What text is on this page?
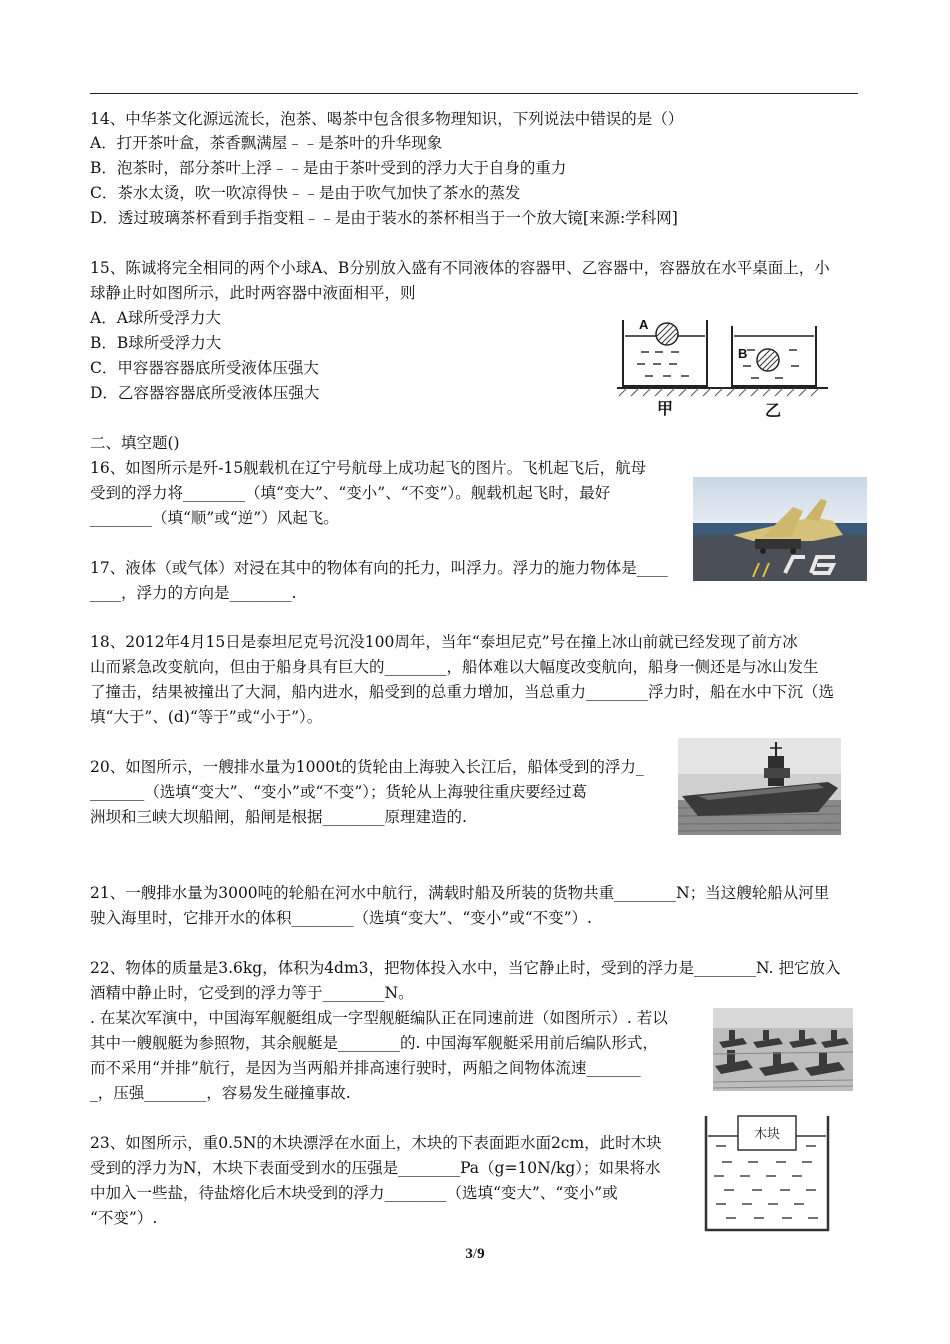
14、中华茶文化源远流长，泡茶、喝茶中包含很多物理知识，下列说法中错误的是（）
A．打开茶叶盒，茶香飘满屋﹣﹣是茶叶的升华现象
B．泡茶时，部分茶叶上浮﹣﹣是由于茶叶受到的浮力大于自身的重力
C．茶水太烫，吹一吹凉得快﹣﹣是由于吹气加快了茶水的蒸发
D．透过玻璃茶杯看到手指变粗﹣﹣是由于装水的茶杯相当于一个放大镜[来源:学科网]
15、陈诚将完全相同的两个小球A、B分别放入盛有不同液体的容器甲、乙容器中，容器放在水平桌面上，小
球静止时如图所示，此时两容器中液面相平，则
A．A球所受浮力大
B．B球所受浮力大
C．甲容器容器底所受液体压强大
D．乙容器容器底所受液体压强大
A
B
甲	乙
二、填空题()
16、如图所示是歼-15舰载机在辽宁号航母上成功起飞的图片。飞机起飞后，航母
受到的浮力将________（填“变大”、“变小”、“不变”）。舰载机起飞时，最好
________（填“顺”或“逆”）风起飞。
17、液体（或气体）对浸在其中的物体有向的托力，叫浮力。浮力的施力物体是____
____，浮力的方向是________.
18、2012年4月15日是泰坦尼克号沉没100周年，当年“泰坦尼克”号在撞上冰山前就已经发现了前方冰
山而紧急改变航向，但由于船身具有巨大的________，船体难以大幅度改变航向，船身一侧还是与冰山发生
了撞击，结果被撞出了大洞，船内进水，船受到的总重力增加，当总重力________浮力时，船在水中下沉（选
填“大于”、(d)“等于”或“小于”）。
20、如图所示，一艘排水量为1000t的货轮由上海驶入长江后，船体受到的浮力_
_______（选填“变大”、“变小”或“不变”）；货轮从上海驶往重庆要经过葛
洲坝和三峡大坝船闸，船闸是根据________原理建造的.
21、一艘排水量为3000吨的轮船在河水中航行，满载时船及所装的货物共重________N；当这艘轮船从河里
驶入海里时，它排开水的体积________（选填“变大”、“变小”或“不变”）.
22、物体的质量是3.6kg，体积为4dm3，把物体投入水中，当它静止时，受到的浮力是________N. 把它放入
酒精中静止时，它受到的浮力等于________N。
. 在某次军演中，中国海军舰艇组成一字型舰艇编队正在同速前进（如图所示）. 若以
其中一艘舰艇为参照物，其余舰艇是________的. 中国海军舰艇采用前后编队形式，
而不采用“并排”航行，是因为当两船并排高速行驶时，两船之间物体流速_______
_，压强________，容易发生碰撞事故.
23、如图所示，重0.5N的木块漂浮在水面上，木块的下表面距水面2cm，此时木块
受到的浮力为N，木块下表面受到水的压强是________Pa（g=10N/kg）；如果将水
中加入一些盐，待盐熔化后木块受到的浮力________（选填“变大”、“变小”或
“不变”）.
木块
3/9
